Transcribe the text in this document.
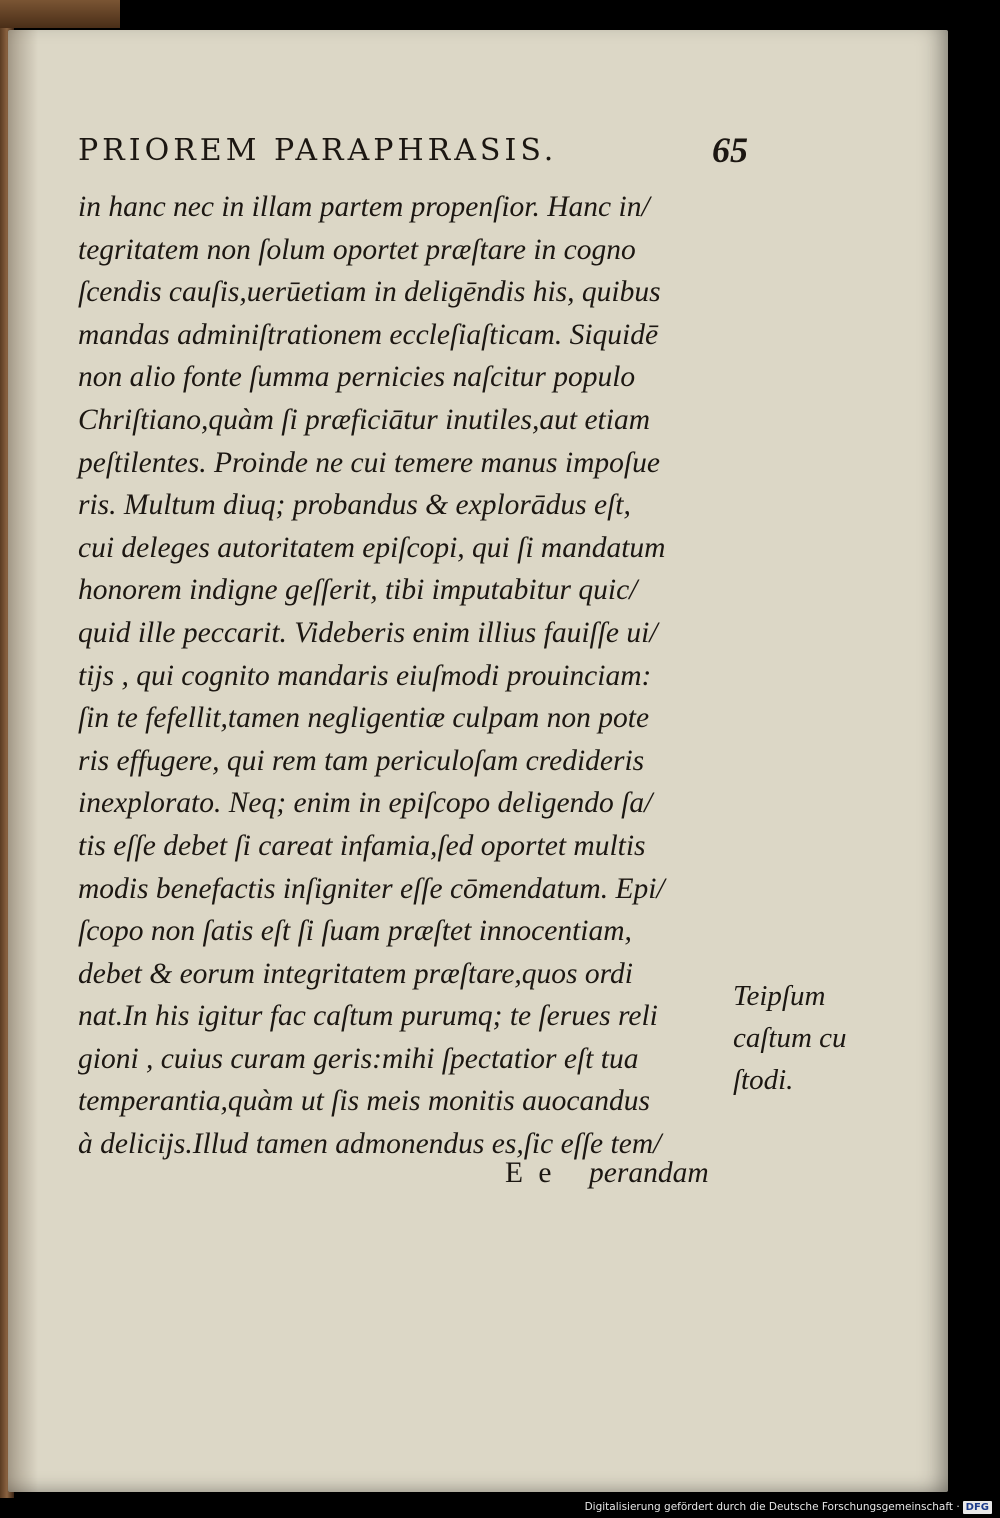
PRIOREM PARAPHRASIS.	65
in hanc nec in illam partem propenſior. Hanc in/
tegritatem non ſolum oportet præſtare in cogno
ſcendis cauſis,uerūetiam in deligēndis his, quibus
mandas adminiſtrationem eccleſiaſticam. Siquidē
non alio fonte ſumma pernicies naſcitur populo
Chriſtiano,quàm ſi præficiātur inutiles,aut etiam
peſtilentes. Proinde ne cui temere manus impoſue
ris. Multum diuq; probandus & explorādus eſt,
cui deleges autoritatem epiſcopi, qui ſi mandatum
honorem indigne geſſerit, tibi imputabitur quic/
quid ille peccarit. Videberis enim illius fauiſſe ui/
tijs , qui cognito mandaris eiuſmodi prouinciam:
ſin te fefellit,tamen negligentiæ culpam non pote
ris effugere, qui rem tam periculoſam credideris
inexplorato. Neq; enim in epiſcopo deligendo ſa/
tis eſſe debet ſi careat infamia,ſed oportet multis
modis benefactis inſigniter eſſe cōmendatum. Epi/
ſcopo non ſatis eſt ſi ſuam præſtet innocentiam,
debet & eorum integritatem præſtare,quos ordi
nat.In his igitur fac caſtum purumq; te ſerues reli
gioni , cuius curam geris:mihi ſpectatior eſt tua
temperantia,quàm ut ſis meis monitis auocandus
à delicijs.Illud tamen admonendus es,ſic eſſe tem/
Teipſum
caſtum cu
ſtodi.
E e perandam
Digitalisierung gefördert durch die Deutsche Forschungsgemeinschaft · DFG
